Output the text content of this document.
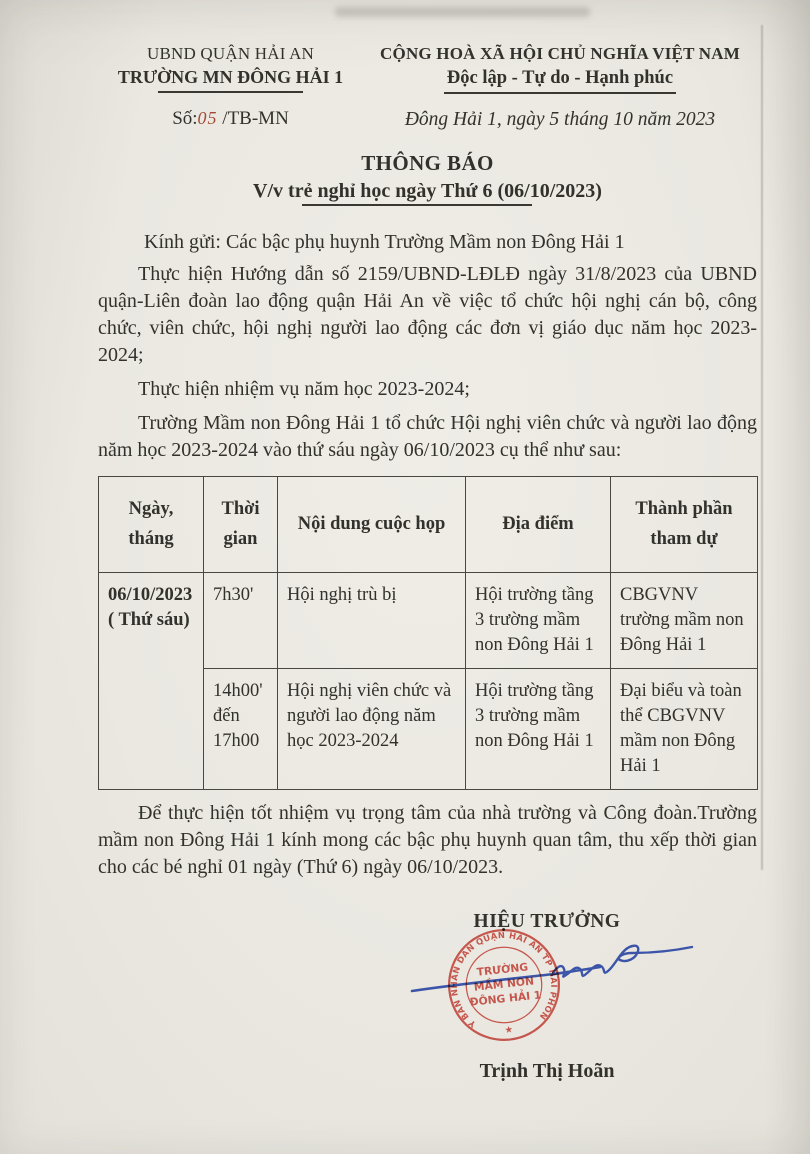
UBND QUẬN HẢI AN
TRƯỜNG MN ĐÔNG HẢI 1
Số:05 /TB-MN
CỘNG HOÀ XÃ HỘI CHỦ NGHĨA VIỆT NAM
Độc lập - Tự do - Hạnh phúc
Đông Hải 1, ngày 5 tháng 10 năm 2023
THÔNG BÁO
V/v trẻ nghỉ học ngày Thứ 6 (06/10/2023)
Kính gửi: Các bậc phụ huynh Trường Mầm non Đông Hải 1

Thực hiện Hướng dẫn số 2159/UBND-LĐLĐ ngày 31/8/2023 của UBND quận-Liên đoàn lao động quận Hải An về việc tổ chức hội nghị cán bộ, công chức, viên chức, hội nghị người lao động các đơn vị giáo dục năm học 2023-2024;

Thực hiện nhiệm vụ năm học 2023-2024;

Trường Mầm non Đông Hải 1 tổ chức Hội nghị viên chức và người lao động năm học 2023-2024 vào thứ sáu ngày 06/10/2023 cụ thể như sau:

Ngày, tháng	Thời gian	Nội dung cuộc họp	Địa điểm	Thành phần tham dự

06/10/2023
( Thứ sáu)	7h30'	Hội nghị trù bị	Hội trường tầng 3 trường mầm non Đông Hải 1	CBGVNV trường mầm non Đông Hải 1
	14h00' đến 17h00	Hội nghị viên chức và người lao động năm học 2023-2024	Hội trường tầng 3 trường mầm non Đông Hải 1	Đại biểu và toàn thể CBGVNV mầm non Đông Hải 1

Để thực hiện tốt nhiệm vụ trọng tâm của nhà trường và Công đoàn.Trường mầm non Đông Hải 1 kính mong các bậc phụ huynh quan tâm, thu xếp thời gian cho các bé nghỉ 01 ngày (Thứ 6) ngày 06/10/2023.

HIỆU TRƯỞNG
ỦY BAN NHÂN DÂN QUẬN HẢI AN TP HẢI PHÒNG
★
TRƯỜNG
MẦM NON
ĐÔNG HẢI 1
Trịnh Thị Hoãn
